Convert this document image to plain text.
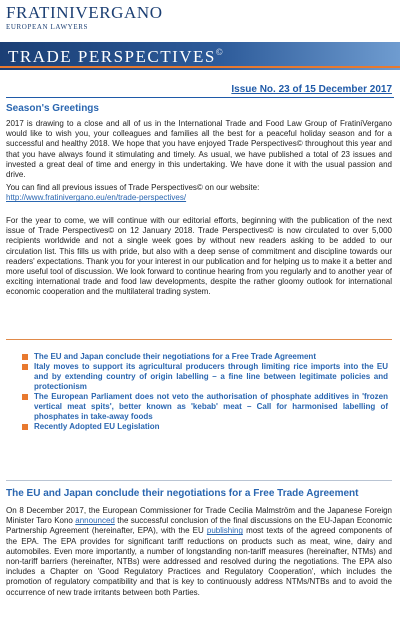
FRATINIVERGANO
EUROPEAN LAWYERS
TRADE PERSPECTIVES©
Issue No. 23 of 15 December 2017
Season's Greetings
2017 is drawing to a close and all of us in the International Trade and Food Law Group of FratiniVergano would like to wish you, your colleagues and families all the best for a peaceful holiday season and for a successful and healthy 2018. We hope that you have enjoyed Trade Perspectives© throughout this year and that you have always found it stimulating and timely. As usual, we have published a total of 23 issues and invested a great deal of time and energy in this undertaking. We have done it with the usual passion and drive.
You can find all previous issues of Trade Perspectives© on our website:
http://www.fratinivergano.eu/en/trade-perspectives/
For the year to come, we will continue with our editorial efforts, beginning with the publication of the next issue of Trade Perspectives© on 12 January 2018. Trade Perspectives© is now circulated to over 5,000 recipients worldwide and not a single week goes by without new readers asking to be added to our circulation list. This fills us with pride, but also with a deep sense of commitment and discipline towards our readers' expectations. Thank you for your interest in our publication and for helping us to make it a better and more useful tool of discussion. We look forward to continue hearing from you regularly and to another year of exciting international trade and food law developments, despite the rather gloomy outlook for international economic cooperation and the multilateral trading system.
The EU and Japan conclude their negotiations for a Free Trade Agreement
Italy moves to support its agricultural producers through limiting rice imports into the EU and by extending country of origin labelling – a fine line between legitimate policies and protectionism
The European Parliament does not veto the authorisation of phosphate additives in 'frozen vertical meat spits', better known as 'kebab' meat – Call for harmonised labelling of phosphates in take-away foods
Recently Adopted EU Legislation
The EU and Japan conclude their negotiations for a Free Trade Agreement
On 8 December 2017, the European Commissioner for Trade Cecilia Malmström and the Japanese Foreign Minister Taro Kono announced the successful conclusion of the final discussions on the EU-Japan Economic Partnership Agreement (hereinafter, EPA), with the EU publishing most texts of the agreed components of the EPA. The EPA provides for significant tariff reductions on products such as meat, wine, dairy and automobiles. Even more importantly, a number of longstanding non-tariff measures (hereinafter, NTMs) and non-tariff barriers (hereinafter, NTBs) were addressed and resolved during the negotiations. The EPA also includes a Chapter on 'Good Regulatory Practices and Regulatory Cooperation', which includes the promotion of regulatory compatibility and that is key to continuously address NTMs/NTBs and to avoid the occurrence of new trade irritants between both Parties.
